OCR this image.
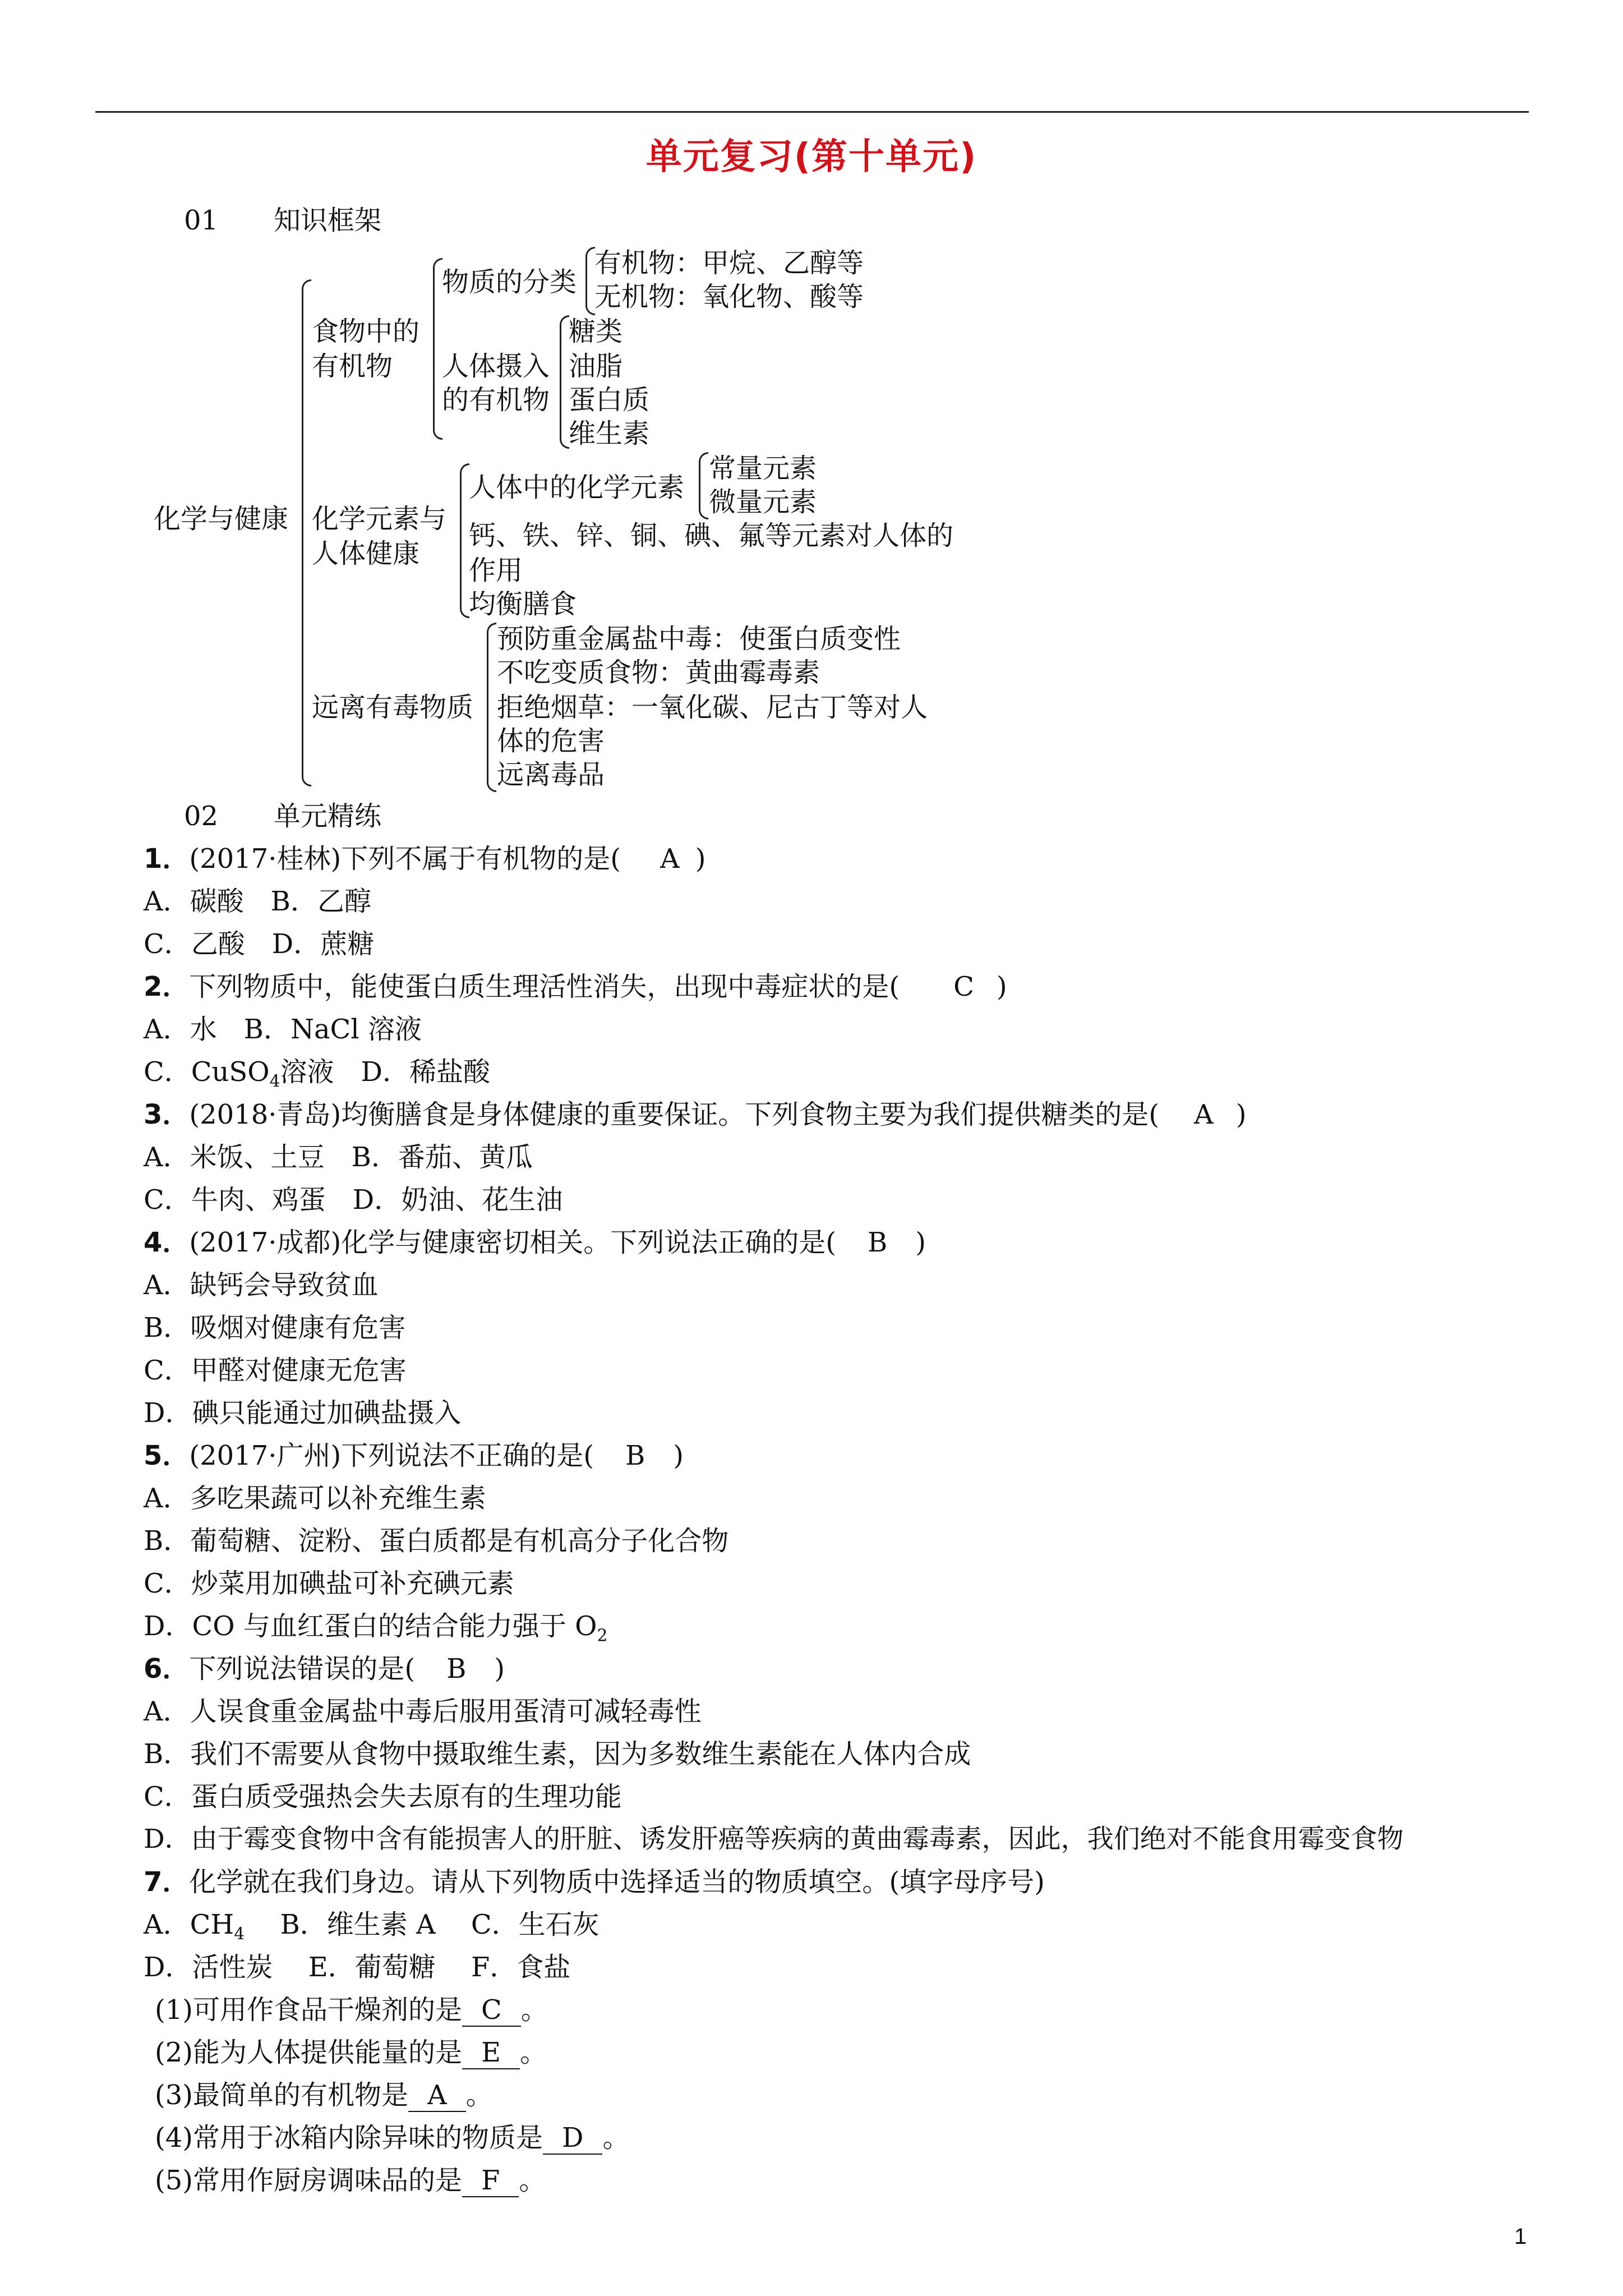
单元复习(第十单元)
01 知识框架
化学与健康
食物中的
有机物
物质的分类
有机物：甲烷、乙醇等
无机物：氧化物、酸等
人体摄入
的有机物
糖类
油脂
蛋白质
维生素
化学元素与
人体健康
人体中的化学元素
常量元素
微量元素
钙、铁、锌、铜、碘、氟等元素对人体的
作用
均衡膳食
远离有毒物质
预防重金属盐中毒：使蛋白质变性
不吃变质食物：黄曲霉毒素
拒绝烟草：一氧化碳、尼古丁等对人
体的危害
远离毒品
02 单元精练
1．(2017·桂林)下列不属于有机物的是( A )
A．碳酸　B．乙醇
C．乙酸　D．蔗糖
2．下列物质中，能使蛋白质生理活性消失，出现中毒症状的是( C )
A．水　B．NaCl 溶液
C．CuSO$_4$溶液　D．稀盐酸
3．(2018·青岛)均衡膳食是身体健康的重要保证。下列食物主要为我们提供糖类的是( A )
A．米饭、土豆　B．番茄、黄瓜
C．牛肉、鸡蛋　D．奶油、花生油
4．(2017·成都)化学与健康密切相关。下列说法正确的是( B )
A．缺钙会导致贫血
B．吸烟对健康有危害
C．甲醛对健康无危害
D．碘只能通过加碘盐摄入
5．(2017·广州)下列说法不正确的是( B )
A．多吃果蔬可以补充维生素
B．葡萄糖、淀粉、蛋白质都是有机高分子化合物
C．炒菜用加碘盐可补充碘元素
D．CO 与血红蛋白的结合能力强于 $O_2$
6．下列说法错误的是( B )
A．人误食重金属盐中毒后服用蛋清可减轻毒性
B．我们不需要从食物中摄取维生素，因为多数维生素能在人体内合成
C．蛋白质受强热会失去原有的生理功能
D．由于霉变食物中含有能损害人的肝脏、诱发肝癌等疾病的黄曲霉毒素，因此，我们绝对不能食用霉变食物
7．化学就在我们身边。请从下列物质中选择适当的物质填空。(填字母序号)
A．$CH_4$　 B．维生素 A　 C．生石灰
D．活性炭　 E．葡萄糖　 F．食盐
(1)可用作食品干燥剂的是 C 。
(2)能为人体提供能量的是 E 。
(3)最简单的有机物是 A 。
(4)常用于冰箱内除异味的物质是 D 。
(5)常用作厨房调味品的是 F 。
1
